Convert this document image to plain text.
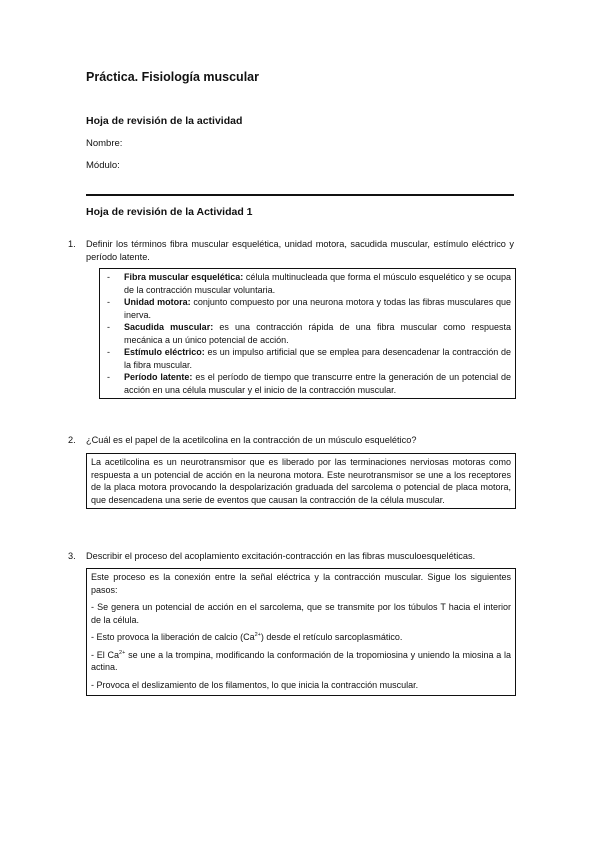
Práctica. Fisiología muscular
Hoja de revisión de la actividad
Nombre:
Módulo:
Hoja de revisión de la Actividad 1
1. Definir los términos fibra muscular esquelética, unidad motora, sacudida muscular, estímulo eléctrico y período latente.
- Fibra muscular esquelética: célula multinucleada que forma el músculo esquelético y se ocupa de la contracción muscular voluntaria.
- Unidad motora: conjunto compuesto por una neurona motora y todas las fibras musculares que inerva.
- Sacudida muscular: es una contracción rápida de una fibra muscular como respuesta mecánica a un único potencial de acción.
- Estímulo eléctrico: es un impulso artificial que se emplea para desencadenar la contracción de la fibra muscular.
- Período latente: es el período de tiempo que transcurre entre la generación de un potencial de acción en una célula muscular y el inicio de la contracción muscular.
2. ¿Cuál es el papel de la acetilcolina en la contracción de un músculo esquelético?
La acetilcolina es un neurotransmisor que es liberado por las terminaciones nerviosas motoras como respuesta a un potencial de acción en la neurona motora. Este neurotransmisor se une a los receptores de la placa motora provocando la despolarización graduada del sarcolema o potencial de placa motora, que desencadena una serie de eventos que causan la contracción de la célula muscular.
3. Describir el proceso del acoplamiento excitación-contracción en las fibras musculoesqueléticas.

Este proceso es la conexión entre la señal eléctrica y la contracción muscular. Sigue los siguientes pasos:

- Se genera un potencial de acción en el sarcolema, que se transmite por los túbulos T hacia el interior de la célula.

- Esto provoca la liberación de calcio $(Ca^{2+})$ desde el retículo sarcoplasmático.

- El $Ca^{2+}$ se une a la trompina, modificando la conformación de la tropomiosina y uniendo la miosina a la actina.

- Provoca el deslizamiento de los filamentos, lo que inicia la contracción muscular.
